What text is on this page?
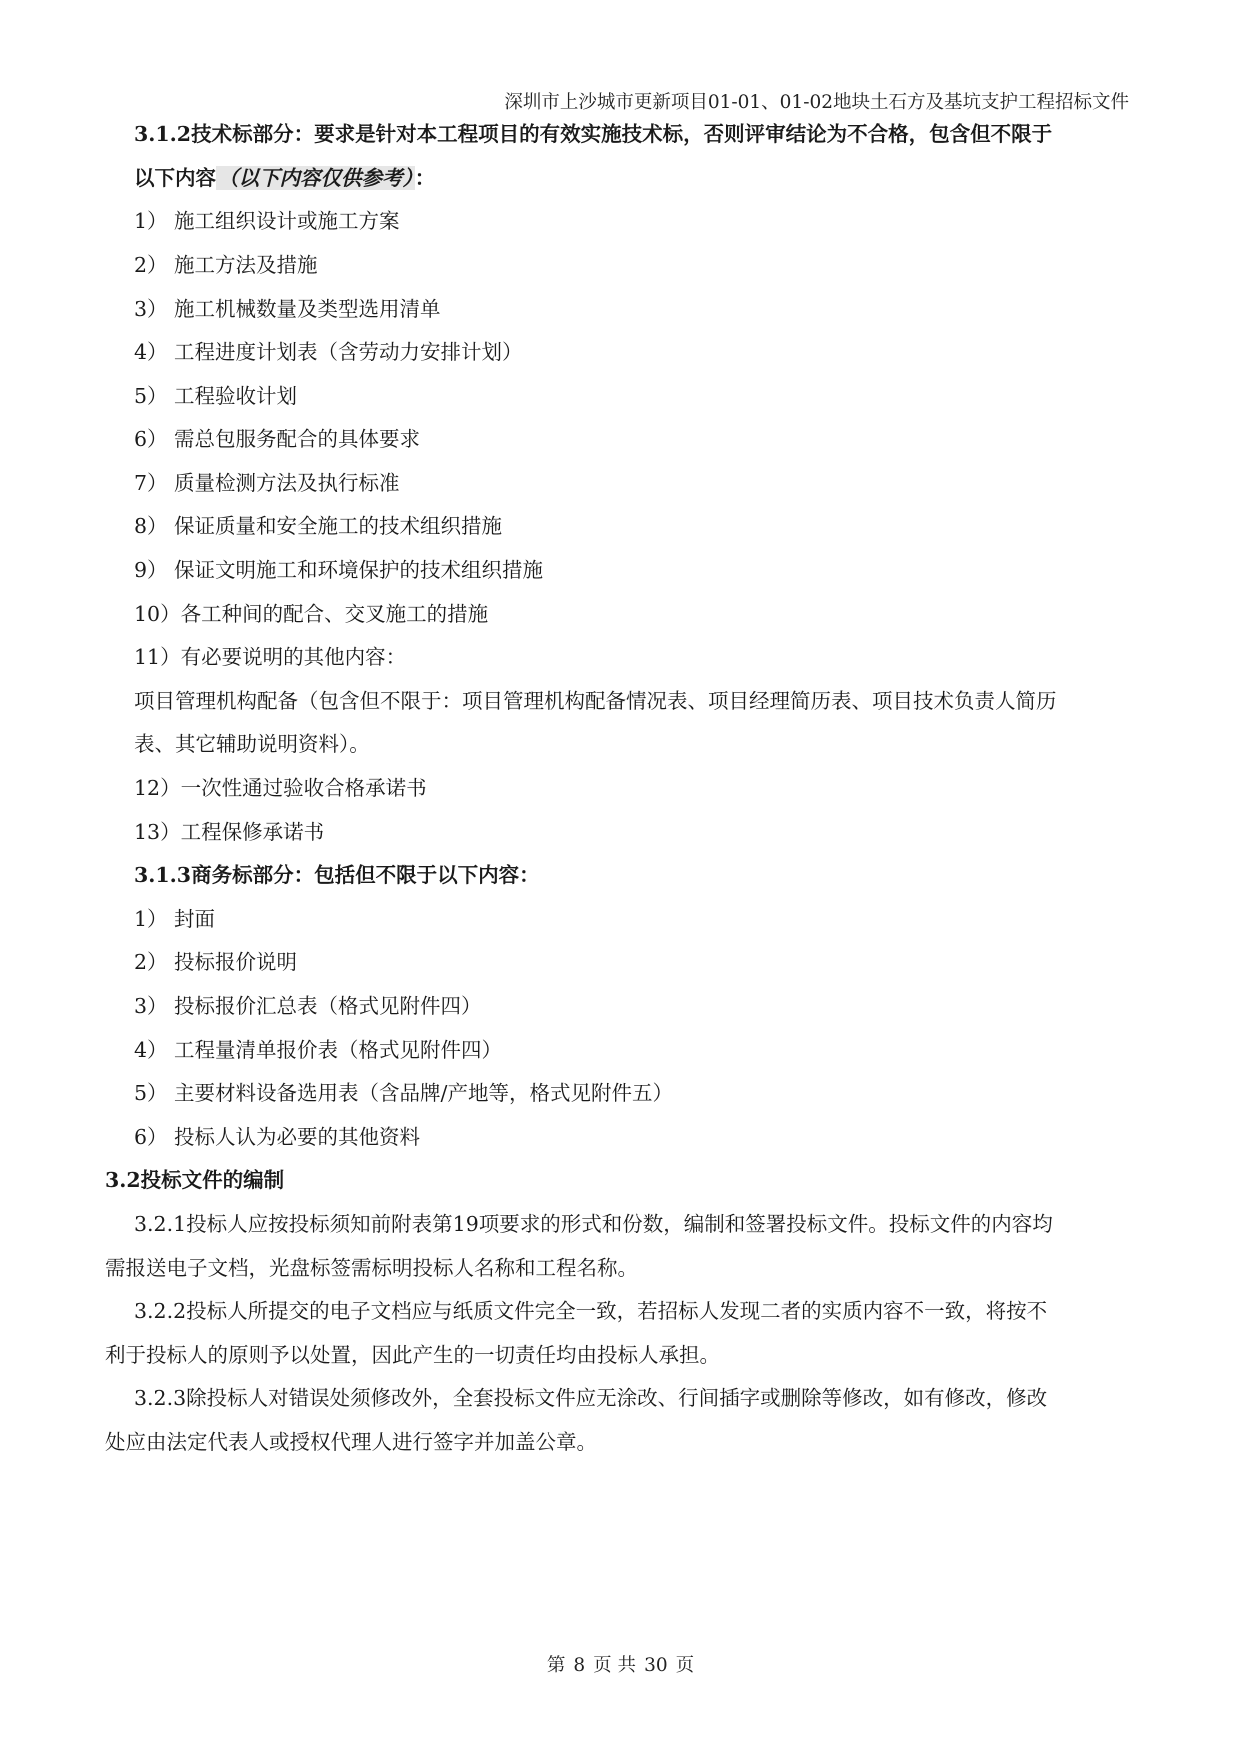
深圳市上沙城市更新项目01-01、01-02地块土石方及基坑支护工程招标文件
3.1.2技术标部分：要求是针对本工程项目的有效实施技术标，否则评审结论为不合格，包含但不限于
以下内容（以下内容仅供参考）：
1） 施工组织设计或施工方案
2） 施工方法及措施
3） 施工机械数量及类型选用清单
4） 工程进度计划表（含劳动力安排计划）
5） 工程验收计划
6） 需总包服务配合的具体要求
7） 质量检测方法及执行标准
8） 保证质量和安全施工的技术组织措施
9） 保证文明施工和环境保护的技术组织措施
10）各工种间的配合、交叉施工的措施
11）有必要说明的其他内容：
项目管理机构配备（包含但不限于：项目管理机构配备情况表、项目经理简历表、项目技术负责人简历
表、其它辅助说明资料）。
12）一次性通过验收合格承诺书
13）工程保修承诺书
3.1.3商务标部分：包括但不限于以下内容：
1） 封面
2） 投标报价说明
3） 投标报价汇总表（格式见附件四）
4） 工程量清单报价表（格式见附件四）
5） 主要材料设备选用表（含品牌/产地等，格式见附件五）
6） 投标人认为必要的其他资料
3.2投标文件的编制
3.2.1投标人应按投标须知前附表第19项要求的形式和份数，编制和签署投标文件。投标文件的内容均
需报送电子文档，光盘标签需标明投标人名称和工程名称。
3.2.2投标人所提交的电子文档应与纸质文件完全一致，若招标人发现二者的实质内容不一致，将按不
利于投标人的原则予以处置，因此产生的一切责任均由投标人承担。
3.2.3除投标人对错误处须修改外，全套投标文件应无涂改、行间插字或删除等修改，如有修改，修改
处应由法定代表人或授权代理人进行签字并加盖公章。
第 8 页 共 30 页
